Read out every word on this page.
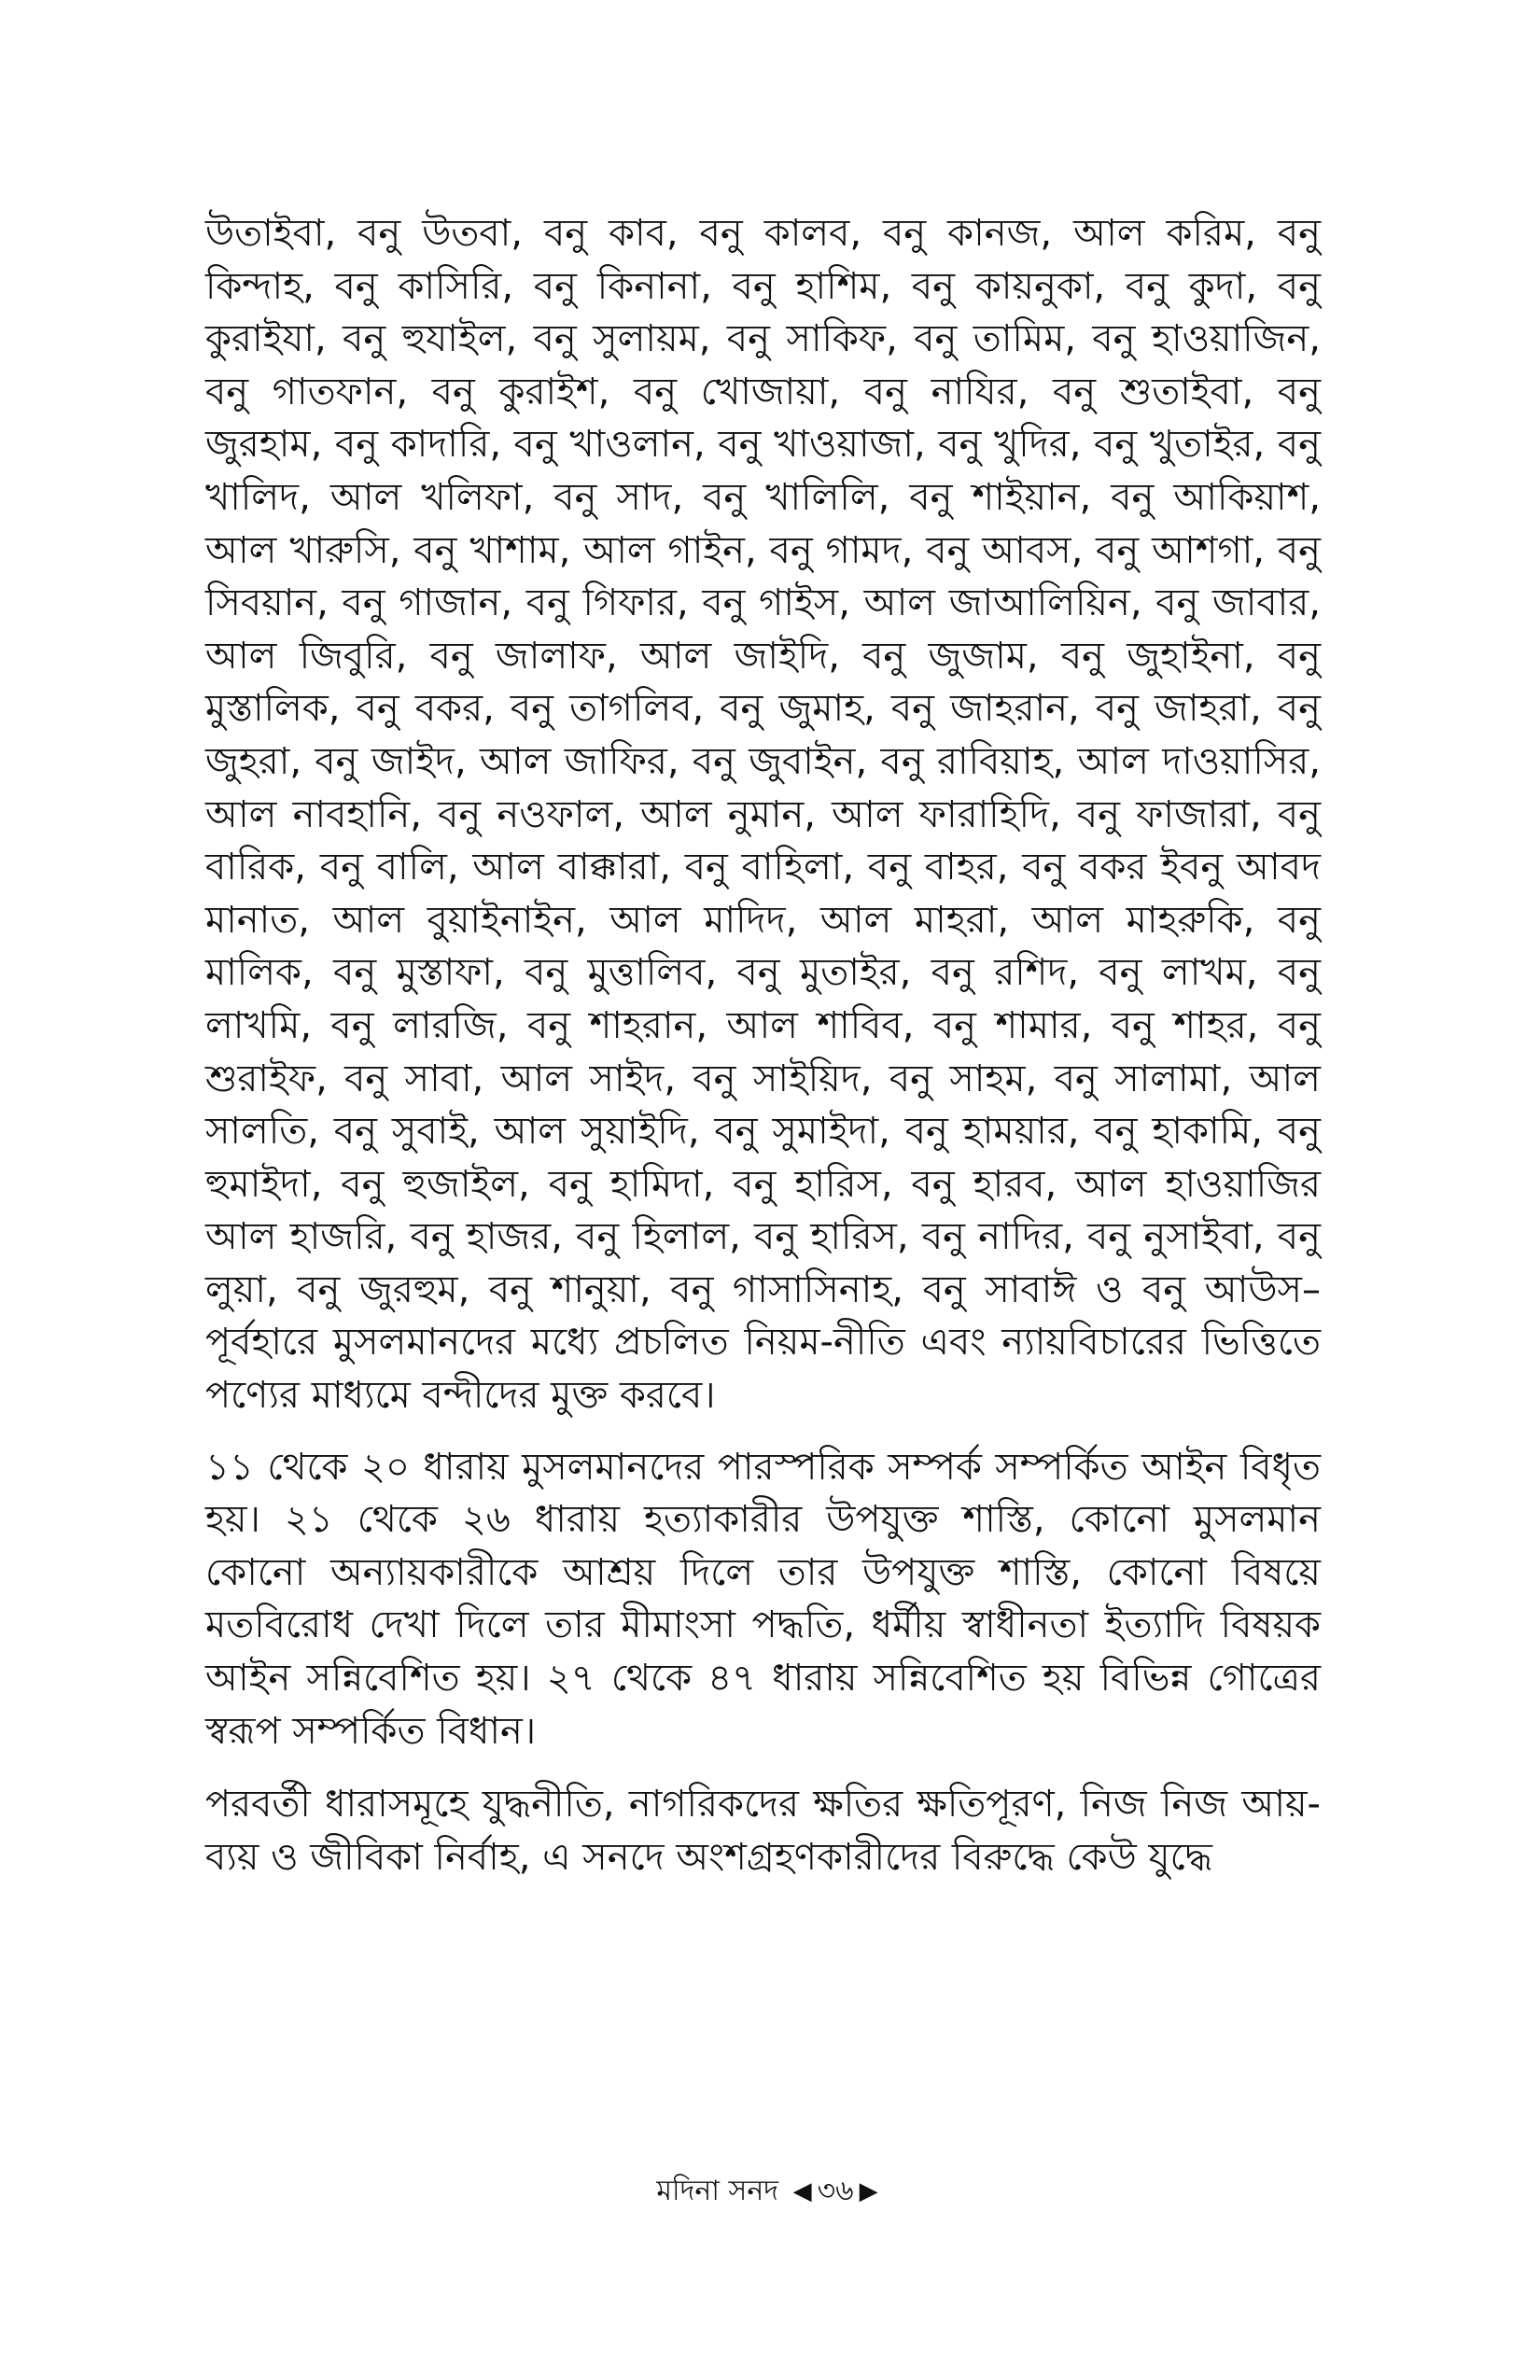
উতাইবা, বনু উতবা, বনু কাব, বনু কালব, বনু কানজ, আল করিম, বনু কিন্দাহ, বনু কাসিরি, বনু কিনানা, বনু হাশিম, বনু কায়নুকা, বনু কুদা, বনু কুরাইযা, বনু হুযাইল, বনু সুলায়ম, বনু সাকিফ, বনু তামিম, বনু হাওয়াজিন, বনু গাতফান, বনু কুরাইশ, বনু খোজায়া, বনু নাযির, বনু শুতাইবা, বনু জুরহাম, বনু কাদারি, বনু খাওলান, বনু খাওয়াজা, বনু খুদির, বনু খুতাইর, বনু খালিদ, আল খলিফা, বনু সাদ, বনু খালিলি, বনু শাইয়ান, বনু আকিয়াশ, আল খারুসি, বনু খাশাম, আল গাইন, বনু গামদ, বনু আবস, বনু আশগা, বনু সিবয়ান, বনু গাজান, বনু গিফার, বনু গাইস, আল জাআলিয়িন, বনু জাবার, আল জিবুরি, বনু জালাফ, আল জাইদি, বনু জুজাম, বনু জুহাইনা, বনু মুস্তালিক, বনু বকর, বনু তাগলিব, বনু জুমাহ, বনু জাহরান, বনু জাহরা, বনু জুহরা, বনু জাইদ, আল জাফির, বনু জুবাইন, বনু রাবিয়াহ, আল দাওয়াসির, আল নাবহানি, বনু নওফাল, আল নুমান, আল ফারাহিদি, বনু ফাজারা, বনু বারিক, বনু বালি, আল বাক্কারা, বনু বাহিলা, বনু বাহর, বনু বকর ইবনু আবদ মানাত, আল বুয়াইনাইন, আল মাদিদ, আল মাহরা, আল মাহরুকি, বনু মালিক, বনু মুস্তাফা, বনু মুত্তালিব, বনু মুতাইর, বনু রশিদ, বনু লাখম, বনু লাখমি, বনু লারজি, বনু শাহরান, আল শাবিব, বনু শামার, বনু শাহর, বনু শুরাইফ, বনু সাবা, আল সাইদ, বনু সাইয়িদ, বনু সাহম, বনু সালামা, আল সালতি, বনু সুবাই, আল সুয়াইদি, বনু সুমাইদা, বনু হাময়ার, বনু হাকামি, বনু হুমাইদা, বনু হুজাইল, বনু হামিদা, বনু হারিস, বনু হারব, আল হাওয়াজির আল হাজরি, বনু হাজর, বনু হিলাল, বনু হারিস, বনু নাদির, বনু নুসাইবা, বনু লুয়া, বনু জুরহুম, বনু শানুয়া, বনু গাসাসিনাহ, বনু সাবাঈ ও বনু আউস– পূর্বহারে মুসলমানদের মধ্যে প্রচলিত নিয়ম-নীতি এবং ন্যায়বিচারের ভিত্তিতে পণ্যের মাধ্যমে বন্দীদের মুক্ত করবে।

১১ থেকে ২০ ধারায় মুসলমানদের পারস্পরিক সম্পর্ক সম্পর্কিত আইন বিধৃত হয়। ২১ থেকে ২৬ ধারায় হত্যাকারীর উপযুক্ত শাস্তি, কোনো মুসলমান কোনো অন্যায়কারীকে আশ্রয় দিলে তার উপযুক্ত শাস্তি, কোনো বিষয়ে মতবিরোধ দেখা দিলে তার মীমাংসা পদ্ধতি, ধর্মীয় স্বাধীনতা ইত্যাদি বিষয়ক আইন সন্নিবেশিত হয়। ২৭ থেকে ৪৭ ধারায় সন্নিবেশিত হয় বিভিন্ন গোত্রের স্বরূপ সম্পর্কিত বিধান।

পরবর্তী ধারাসমূহে যুদ্ধনীতি, নাগরিকদের ক্ষতির ক্ষতিপূরণ, নিজ নিজ আয়-ব্যয় ও জীবিকা নির্বাহ, এ সনদে অংশগ্রহণকারীদের বিরুদ্ধে কেউ যুদ্ধে

মদিনা সনদ ◀ ৩৬ ▶
